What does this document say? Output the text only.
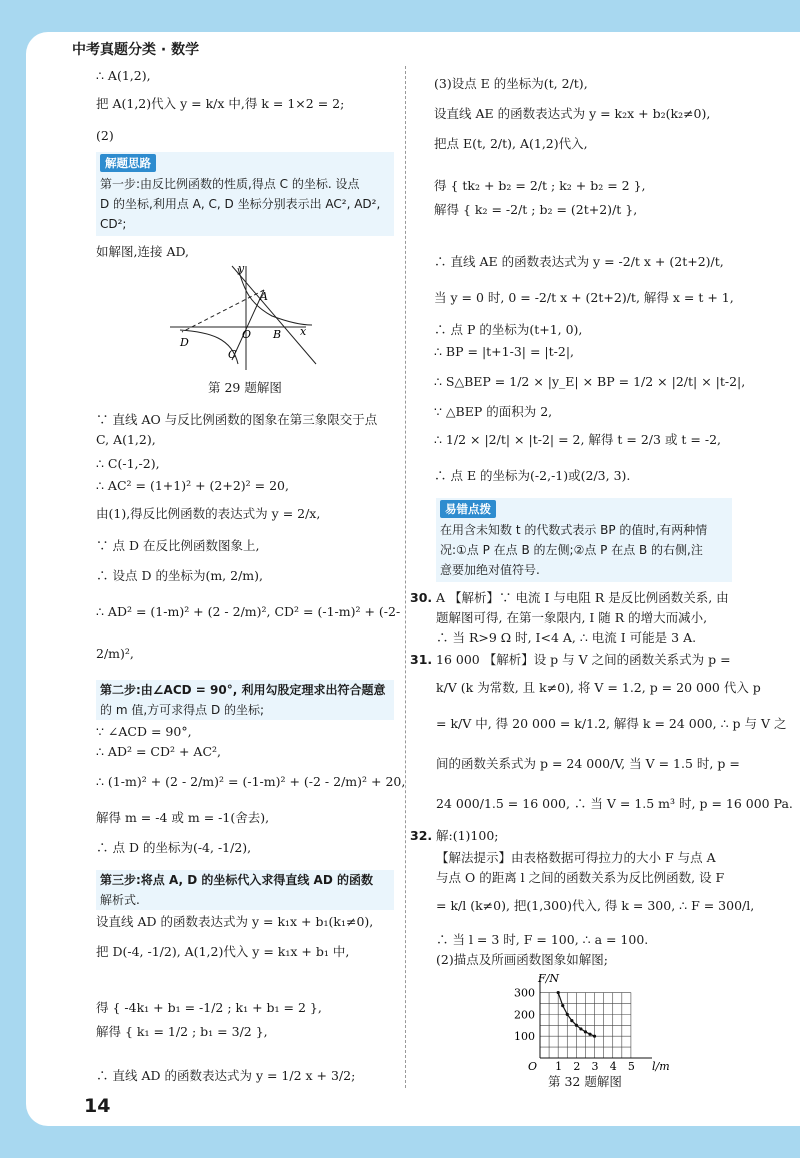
中考真题分类 · 数学
∴ A(1,2),
把 A(1,2)代入 y = k/x 中,得 k = 1×2 = 2;
(2)
解题思路
第一步:由反比例函数的性质,得点 C 的坐标. 设点
D 的坐标,利用点 A, C, D 坐标分别表示出 AC², AD²,
CD²;
如解图,连接 AD,
y
x
A
O B
D
C
第 29 题解图
∵ 直线 AO 与反比例函数的图象在第三象限交于点
C, A(1,2),
∴ C(-1,-2),
∴ AC² = (1+1)² + (2+2)² = 20,
由(1),得反比例函数的表达式为 y = 2/x,
∵ 点 D 在反比例函数图象上,
∴ 设点 D 的坐标为(m, 2/m),
∴ AD² = (1-m)² + (2 - 2/m)², CD² = (-1-m)² + (-2-
2/m)²,
第二步:由∠ACD = 90°, 利用勾股定理求出符合题意
的 m 值,方可求得点 D 的坐标;
∵ ∠ACD = 90°,
∴ AD² = CD² + AC²,
∴ (1-m)² + (2 - 2/m)² = (-1-m)² + (-2 - 2/m)² + 20,
解得 m = -4 或 m = -1(舍去),
∴ 点 D 的坐标为(-4, -1/2),
第三步:将点 A, D 的坐标代入求得直线 AD 的函数
解析式.
设直线 AD 的函数表达式为 y = k₁x + b₁(k₁≠0),
把 D(-4, -1/2), A(1,2)代入 y = k₁x + b₁ 中,
得 { -4k₁ + b₁ = -1/2 ; k₁ + b₁ = 2 },
解得 { k₁ = 1/2 ; b₁ = 3/2 },
∴ 直线 AD 的函数表达式为 y = 1/2 x + 3/2;
(3)设点 E 的坐标为(t, 2/t),
设直线 AE 的函数表达式为 y = k₂x + b₂(k₂≠0),
把点 E(t, 2/t), A(1,2)代入,
得 { tk₂ + b₂ = 2/t ; k₂ + b₂ = 2 },
解得 { k₂ = -2/t ; b₂ = (2t+2)/t },
∴ 直线 AE 的函数表达式为 y = -2/t x + (2t+2)/t,
当 y = 0 时, 0 = -2/t x + (2t+2)/t, 解得 x = t + 1,
∴ 点 P 的坐标为(t+1, 0),
∴ BP = |t+1-3| = |t-2|,
∴ S△BEP = 1/2 × |y_E| × BP = 1/2 × |2/t| × |t-2|,
∵ △BEP 的面积为 2,
∴ 1/2 × |2/t| × |t-2| = 2, 解得 t = 2/3 或 t = -2,
∴ 点 E 的坐标为(-2,-1)或(2/3, 3).
易错点拨
在用含未知数 t 的代数式表示 BP 的值时,有两种情
况:①点 P 在点 B 的左侧;②点 P 在点 B 的右侧,注
意要加绝对值符号.
30. A 【解析】∵ 电流 I 与电阻 R 是反比例函数关系, 由
题解图可得, 在第一象限内, I 随 R 的增大而减小,
∴ 当 R>9 Ω 时, I<4 A, ∴ 电流 I 可能是 3 A.
31. 16 000 【解析】设 p 与 V 之间的函数关系式为 p =
k/V (k 为常数, 且 k≠0), 将 V = 1.2, p = 20 000 代入 p
= k/V 中, 得 20 000 = k/1.2, 解得 k = 24 000, ∴ p 与 V 之
间的函数关系式为 p = 24 000/V, 当 V = 1.5 时, p =
24 000/1.5 = 16 000, ∴ 当 V = 1.5 m³ 时, p = 16 000 Pa.
32. 解:(1)100;
【解法提示】由表格数据可得拉力的大小 F 与点 A
与点 O 的距离 l 之间的函数关系为反比例函数, 设 F
= k/l (k≠0), 把(1,300)代入, 得 k = 300, ∴ F = 300/l,
∴ 当 l = 3 时, F = 100, ∴ a = 100.
(2)描点及所画函数图象如解图;
1 2 3 4 5
100
200
300
O
F/N
l/m
第 32 题解图
14
